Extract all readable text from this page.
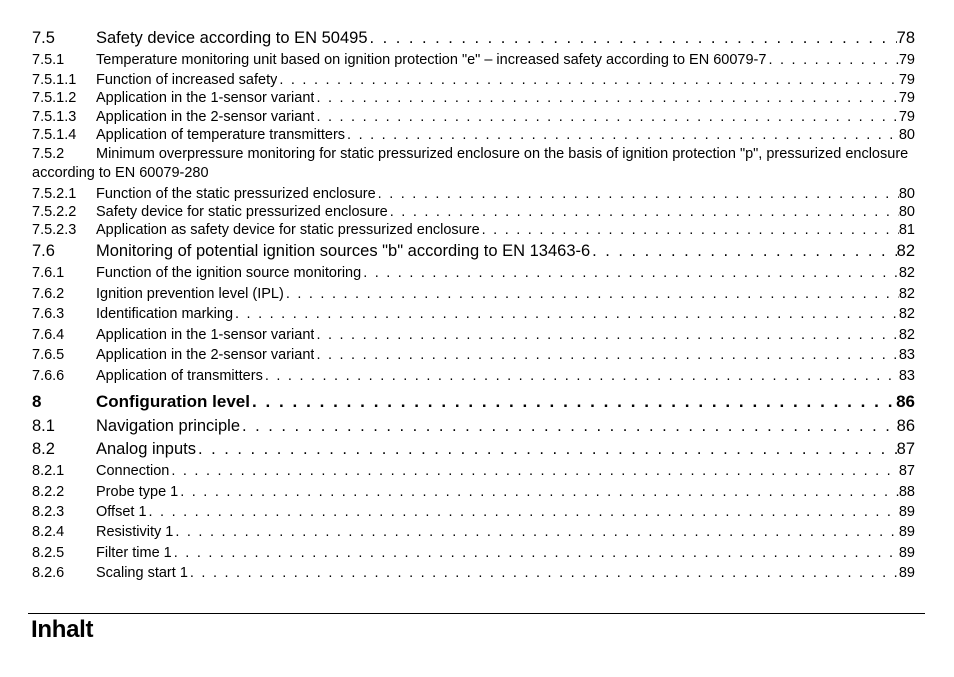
7.5	Safety device according to EN 50495 . . .	78
7.5.1	Temperature monitoring unit based on ignition protection "e" – increased safety according to EN 60079-7 . . .	79
7.5.1.1	Function of increased safety . . .	79
7.5.1.2	Application in the 1-sensor variant . . .	79
7.5.1.3	Application in the 2-sensor variant . . .	79
7.5.1.4	Application of temperature transmitters . . .	80
7.5.2 Minimum overpressure monitoring for static pressurized enclosure on the basis of ignition protection "p", pressurized enclosure according to EN 60079-280
7.5.2.1	Function of the static pressurized enclosure . . .	80
7.5.2.2	Safety device for static pressurized enclosure . . .	80
7.5.2.3	Application as safety device for static pressurized enclosure . . .	81
7.6	Monitoring of potential ignition sources "b" according to EN 13463-6 . . .	82
7.6.1	Function of the ignition source monitoring . . .	82
7.6.2	Ignition prevention level (IPL) . . .	82
7.6.3	Identification marking . . .	82
7.6.4	Application in the 1-sensor variant . . .	82
7.6.5	Application in the 2-sensor variant . . .	83
7.6.6	Application of transmitters . . .	83
8	Configuration level . . .	86
8.1	Navigation principle . . .	86
8.2	Analog inputs . . .	87
8.2.1	Connection . . .	87
8.2.2	Probe type 1 . . .	88
8.2.3	Offset 1 . . .	89
8.2.4	Resistivity 1 . . .	89
8.2.5	Filter time 1 . . .	89
8.2.6	Scaling start 1 . . .	89
Inhalt
